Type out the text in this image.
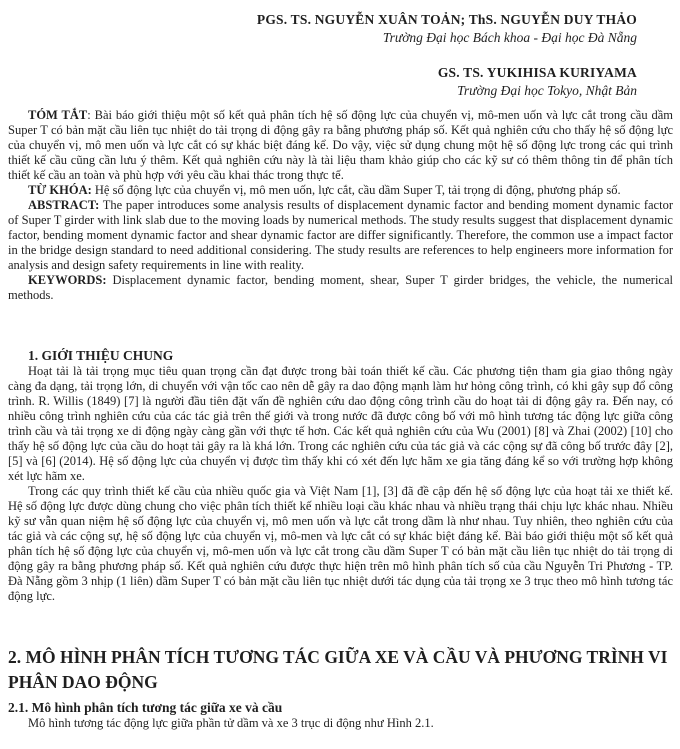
PGS. TS. NGUYỄN XUÂN TOẢN; ThS. NGUYỄN DUY THẢO
Trường Đại học Bách khoa - Đại học Đà Nẵng
GS. TS. YUKIHISA KURIYAMA
Trường Đại học Tokyo, Nhật Bản

TÓM TẮT: Bài báo giới thiệu một số kết quả phân tích hệ số động lực của chuyển vị, mô-men uốn và lực cắt trong cầu dầm Super T có bản mặt cầu liên tục nhiệt do tải trọng di động gây ra bằng phương pháp số. Kết quả nghiên cứu cho thấy hệ số động lực của chuyển vị, mô men uốn và lực cắt có sự khác biệt đáng kể. Do vậy, việc sử dụng chung một hệ số động lực trong các qui trình thiết kế cầu cũng cần lưu ý thêm. Kết quả nghiên cứu này là tài liệu tham khảo giúp cho các kỹ sư có thêm thông tin để phân tích thiết kế cầu an toàn và phù hợp với yêu cầu khai thác trong thực tế.

TỪ KHÓA: Hệ số động lực của chuyển vị, mô men uốn, lực cắt, cầu dầm Super T, tải trọng di động, phương pháp số.

ABSTRACT: The paper introduces some analysis results of displacement dynamic factor and bending moment dynamic factor of Super T girder with link slab due to the moving loads by numerical methods. The study results suggest that displacement dynamic factor, bending moment dynamic factor and shear dynamic factor are differ significantly. Therefore, the common use a impact factor in the bridge design standard to need additional considering. The study results are references to help engineers more information for analysis and design safety requirements in line with reality.

KEYWORDS: Displacement dynamic factor, bending moment, shear, Super T girder bridges, the vehicle, the numerical methods.

1. GIỚI THIỆU CHUNG

Hoạt tải là tải trọng mục tiêu quan trọng cần đạt được trong bài toán thiết kế cầu. Các phương tiện tham gia giao thông ngày càng đa dạng, tải trọng lớn, di chuyển với vận tốc cao nên dễ gây ra dao động mạnh làm hư hỏng công trình, có khi gây sụp đổ công trình. R. Willis (1849) [7] là người đầu tiên đặt vấn đề nghiên cứu dao động công trình cầu do hoạt tải di động gây ra. Đến nay, có nhiều công trình nghiên cứu của các tác giả trên thế giới và trong nước đã được công bố với mô hình tương tác động lực giữa công trình cầu và tải trọng xe di động ngày càng gần với thực tế hơn. Các kết quả nghiên cứu của Wu (2001) [8] và Zhai (2002) [10] cho thấy hệ số động lực của cầu do hoạt tải gây ra là khá lớn. Trong các nghiên cứu của tác giả và các cộng sự đã công bố trước đây [2],[5] và [6] (2014). Hệ số động lực của chuyển vị được tìm thấy khi có xét đến lực hãm xe gia tăng đáng kể so với trường hợp không xét lực hãm xe.

Trong các quy trình thiết kế cầu của nhiều quốc gia và Việt Nam [1], [3] đã đề cập đến hệ số động lực của hoạt tải xe thiết kế. Hệ số động lực được dùng chung cho việc phân tích thiết kế nhiều loại cầu khác nhau và nhiều trạng thái chịu lực khác nhau. Nhiều kỹ sư vẫn quan niệm hệ số động lực của chuyển vị, mô men uốn và lực cắt trong dầm là như nhau. Tuy nhiên, theo nghiên cứu của tác giả và các cộng sự, hệ số động lực của chuyển vị, mô-men và lực cắt có sự khác biệt đáng kể. Bài báo giới thiệu một số kết quả phân tích hệ số động lực của chuyển vị, mô-men uốn và lực cắt trong cầu dầm Super T có bản mặt cầu liên tục nhiệt do tải trọng di động gây ra bằng phương pháp số. Kết quả nghiên cứu được thực hiện trên mô hình phân tích số của cầu Nguyễn Tri Phương - TP. Đà Nẵng gồm 3 nhịp (1 liên) dầm Super T có bản mặt cầu liên tục nhiệt dưới tác dụng của tải trọng xe 3 trục theo mô hình tương tác động lực.

2. MÔ HÌNH PHÂN TÍCH TƯƠNG TÁC GIỮA XE VÀ CẦU VÀ PHƯƠNG TRÌNH VI PHÂN DAO ĐỘNG
2.1. Mô hình phân tích tương tác giữa xe và cầu

Mô hình tương tác động lực giữa phần tử dầm và xe 3 trục di động như Hình 2.1.
